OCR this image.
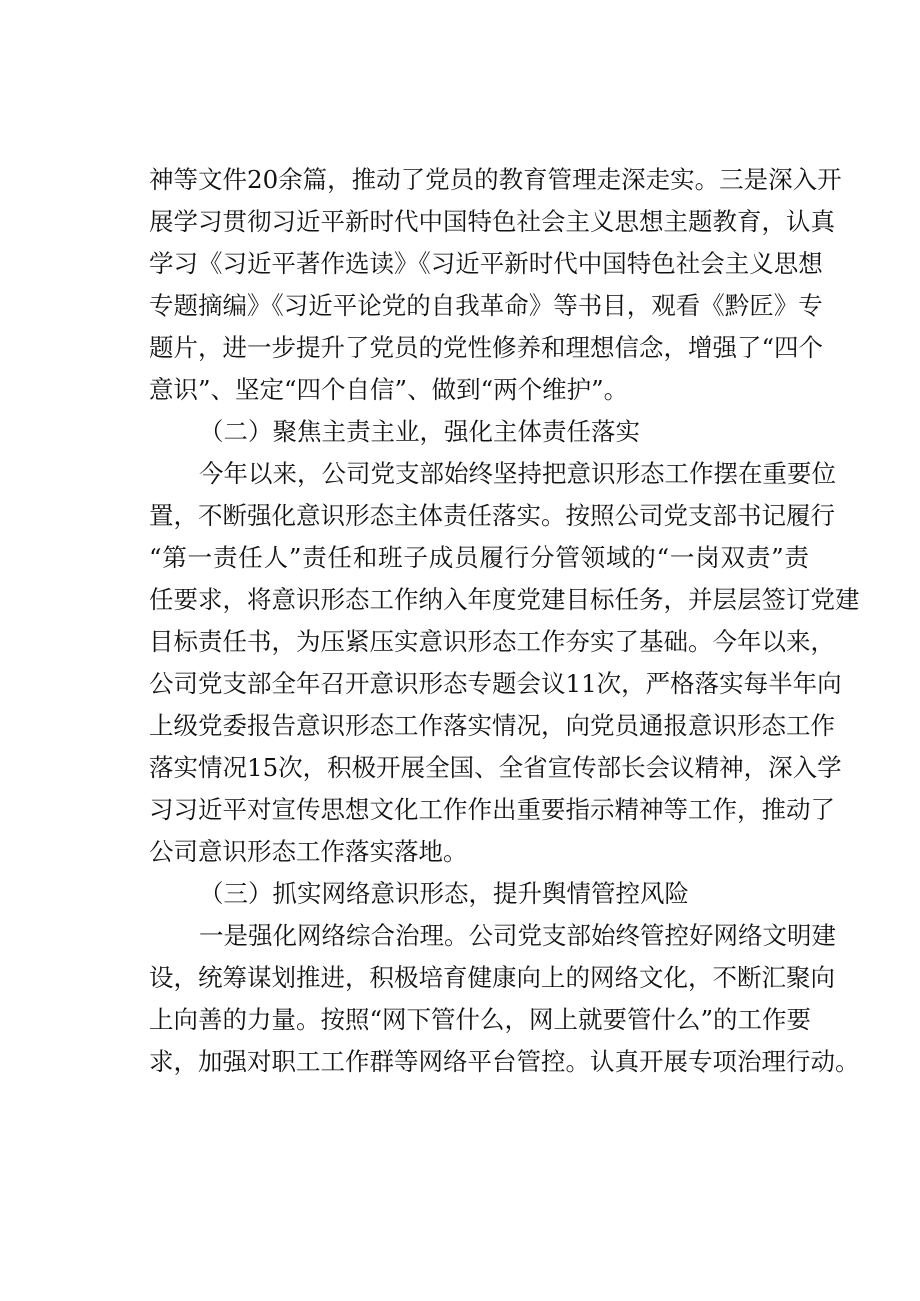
神等文件20余篇，推动了党员的教育管理走深走实。三是深入开
展学习贯彻习近平新时代中国特色社会主义思想主题教育，认真
学习《习近平著作选读》《习近平新时代中国特色社会主义思想
专题摘编》《习近平论党的自我革命》等书目，观看《黔匠》专
题片，进一步提升了党员的党性修养和理想信念，增强了“四个
意识”、坚定“四个自信”、做到“两个维护”。
（二）聚焦主责主业，强化主体责任落实
今年以来，公司党支部始终坚持把意识形态工作摆在重要位
置，不断强化意识形态主体责任落实。按照公司党支部书记履行
“第一责任人”责任和班子成员履行分管领域的“一岗双责”责
任要求，将意识形态工作纳入年度党建目标任务，并层层签订党建
目标责任书，为压紧压实意识形态工作夯实了基础。今年以来，
公司党支部全年召开意识形态专题会议11次，严格落实每半年向
上级党委报告意识形态工作落实情况，向党员通报意识形态工作
落实情况15次，积极开展全国、全省宣传部长会议精神，深入学
习习近平对宣传思想文化工作作出重要指示精神等工作，推动了
公司意识形态工作落实落地。
（三）抓实网络意识形态，提升舆情管控风险
一是强化网络综合治理。公司党支部始终管控好网络文明建
设，统筹谋划推进，积极培育健康向上的网络文化，不断汇聚向
上向善的力量。按照“网下管什么，网上就要管什么”的工作要
求，加强对职工工作群等网络平台管控。认真开展专项治理行动。
